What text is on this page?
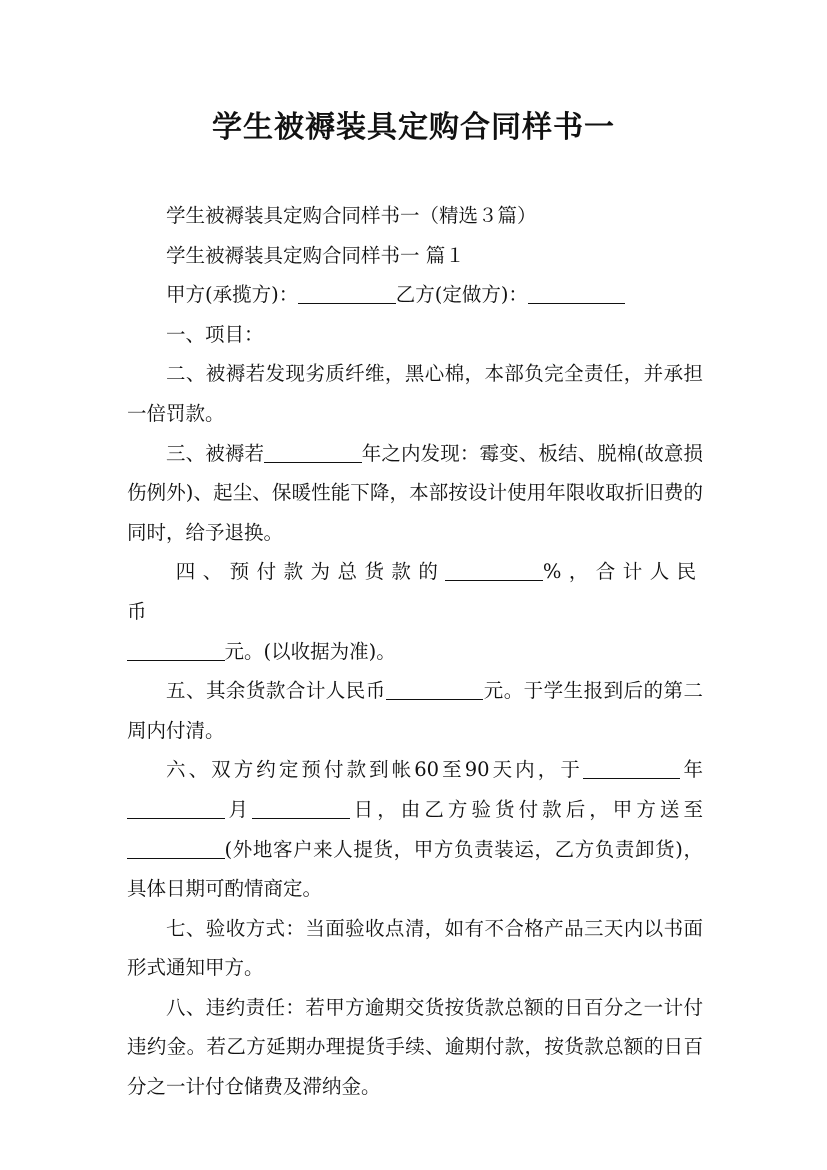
学生被褥装具定购合同样书一

学生被褥装具定购合同样书一（精选３篇）

学生被褥装具定购合同样书一 篇１

甲方(承揽方)：	乙方(定做方)：

一、项目：

二、被褥若发现劣质纤维，黑心棉，本部负完全责任，并承担一倍罚款。

三、被褥若	年之内发现：霉变、板结、脱棉(故意损伤例外)、起尘、保暖性能下降，本部按设计使用年限收取折旧费的同时，给予退换。

四、预付款为总货款的	%，合计人民币
元。(以收据为准)。

五、其余货款合计人民币	元。于学生报到后的第二周内付清。

六、双方约定预付款到帐60至90天内，于	年月	日，由乙方验货付款后，甲方送至(外地客户来人提货，甲方负责装运，乙方负责卸货)，具体日期可酌情商定。

七、验收方式：当面验收点清，如有不合格产品三天内以书面形式通知甲方。

八、违约责任：若甲方逾期交货按货款总额的日百分之一计付违约金。若乙方延期办理提货手续、逾期付款，按货款总额的日百分之一计付仓储费及滞纳金。
